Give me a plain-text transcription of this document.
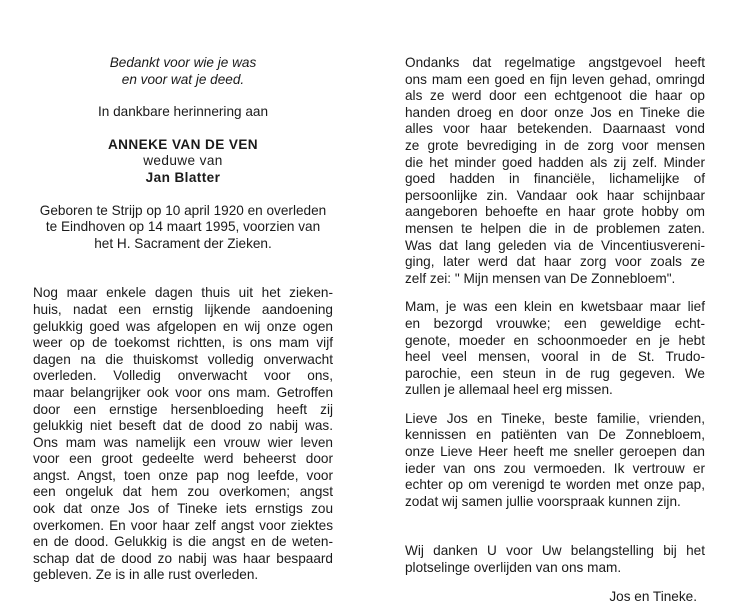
Bedankt voor wie je was
en voor wat je deed.
In dankbare herinnering aan
ANNEKE VAN DE VEN
weduwe van
Jan Blatter
Geboren te Strijp op 10 april 1920 en overleden
te Eindhoven op 14 maart 1995, voorzien van
het H. Sacrament der Zieken.
Nog maar enkele dagen thuis uit het zieken-
huis, nadat een ernstig lijkende aandoening
gelukkig goed was afgelopen en wij onze ogen
weer op de toekomst richtten, is ons mam vijf
dagen na die thuiskomst volledig onverwacht
overleden. Volledig onverwacht voor ons,
maar belangrijker ook voor ons mam. Getroffen
door een ernstige hersenbloeding heeft zij
gelukkig niet beseft dat de dood zo nabij was.
Ons mam was namelijk een vrouw wier leven
voor een groot gedeelte werd beheerst door
angst. Angst, toen onze pap nog leefde, voor
een ongeluk dat hem zou overkomen; angst
ook dat onze Jos of Tineke iets ernstigs zou
overkomen. En voor haar zelf angst voor ziektes
en de dood. Gelukkig is die angst en de weten-
schap dat de dood zo nabij was haar bespaard
gebleven. Ze is in alle rust overleden.
Ondanks dat regelmatige angstgevoel heeft
ons mam een goed en fijn leven gehad, omringd
als ze werd door een echtgenoot die haar op
handen droeg en door onze Jos en Tineke die
alles voor haar betekenden. Daarnaast vond
ze grote bevrediging in de zorg voor mensen
die het minder goed hadden als zij zelf. Minder
goed hadden in financiële, lichamelijke of
persoonlijke zin. Vandaar ook haar schijnbaar
aangeboren behoefte en haar grote hobby om
mensen te helpen die in de problemen zaten.
Was dat lang geleden via de Vincentiusvereni-
ging, later werd dat haar zorg voor zoals ze
zelf zei: " Mijn mensen van De Zonnebloem".
Mam, je was een klein en kwetsbaar maar lief
en bezorgd vrouwke; een geweldige echt-
genote, moeder en schoonmoeder en je hebt
heel veel mensen, vooral in de St. Trudo-
parochie, een steun in de rug gegeven. We
zullen je allemaal heel erg missen.
Lieve Jos en Tineke, beste familie, vrienden,
kennissen en patiënten van De Zonnebloem,
onze Lieve Heer heeft me sneller geroepen dan
ieder van ons zou vermoeden. Ik vertrouw er
echter op om verenigd te worden met onze pap,
zodat wij samen jullie voorspraak kunnen zijn.
Wij danken U voor Uw belangstelling bij het
plotselinge overlijden van ons mam.
Jos en Tineke.
